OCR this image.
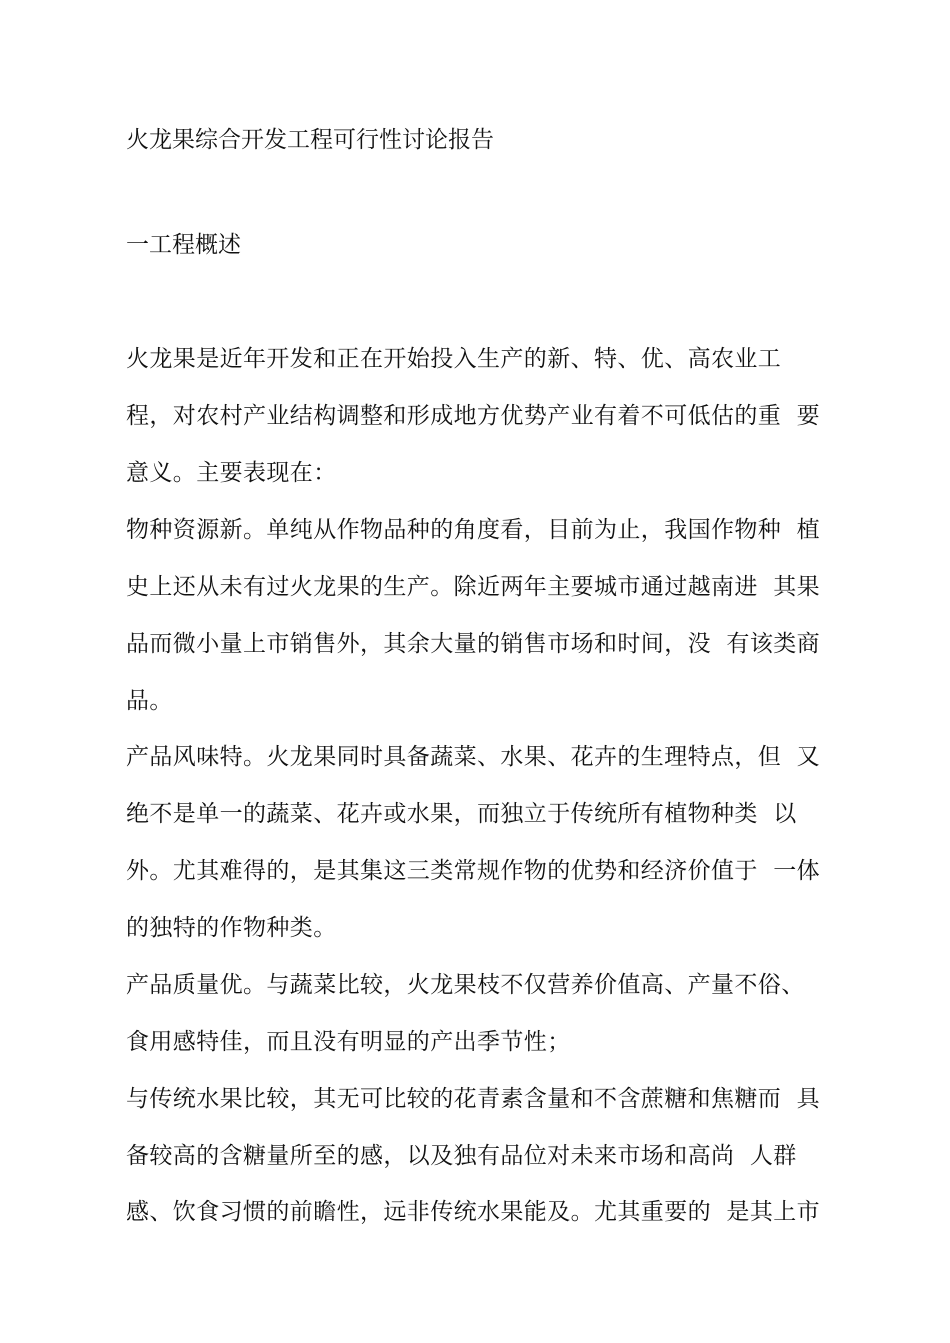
火龙果综合开发工程可行性讨论报告
一工程概述
火龙果是近年开发和正在开始投入生产的新、特、优、高农业工
程，对农村产业结构调整和形成地方优势产业有着不可低估的重  要
意义。主要表现在：
物种资源新。单纯从作物品种的角度看，目前为止，我国作物种  植
史上还从未有过火龙果的生产。除近两年主要城市通过越南进  其果
品而微小量上市销售外，其余大量的销售市场和时间，没  有该类商
品。
产品风味特。火龙果同时具备蔬菜、水果、花卉的生理特点，但  又
绝不是单一的蔬菜、花卉或水果，而独立于传统所有植物种类  以
外。尤其难得的，是其集这三类常规作物的优势和经济价值于  一体
的独特的作物种类。
产品质量优。与蔬菜比较，火龙果枝不仅营养价值高、产量不俗、
食用感特佳，而且没有明显的产出季节性；
与传统水果比较，其无可比较的花青素含量和不含蔗糖和焦糖而  具
备较高的含糖量所至的感，以及独有品位对未来市场和高尚  人群
感、饮食习惯的前瞻性，远非传统水果能及。尤其重要的  是其上市
